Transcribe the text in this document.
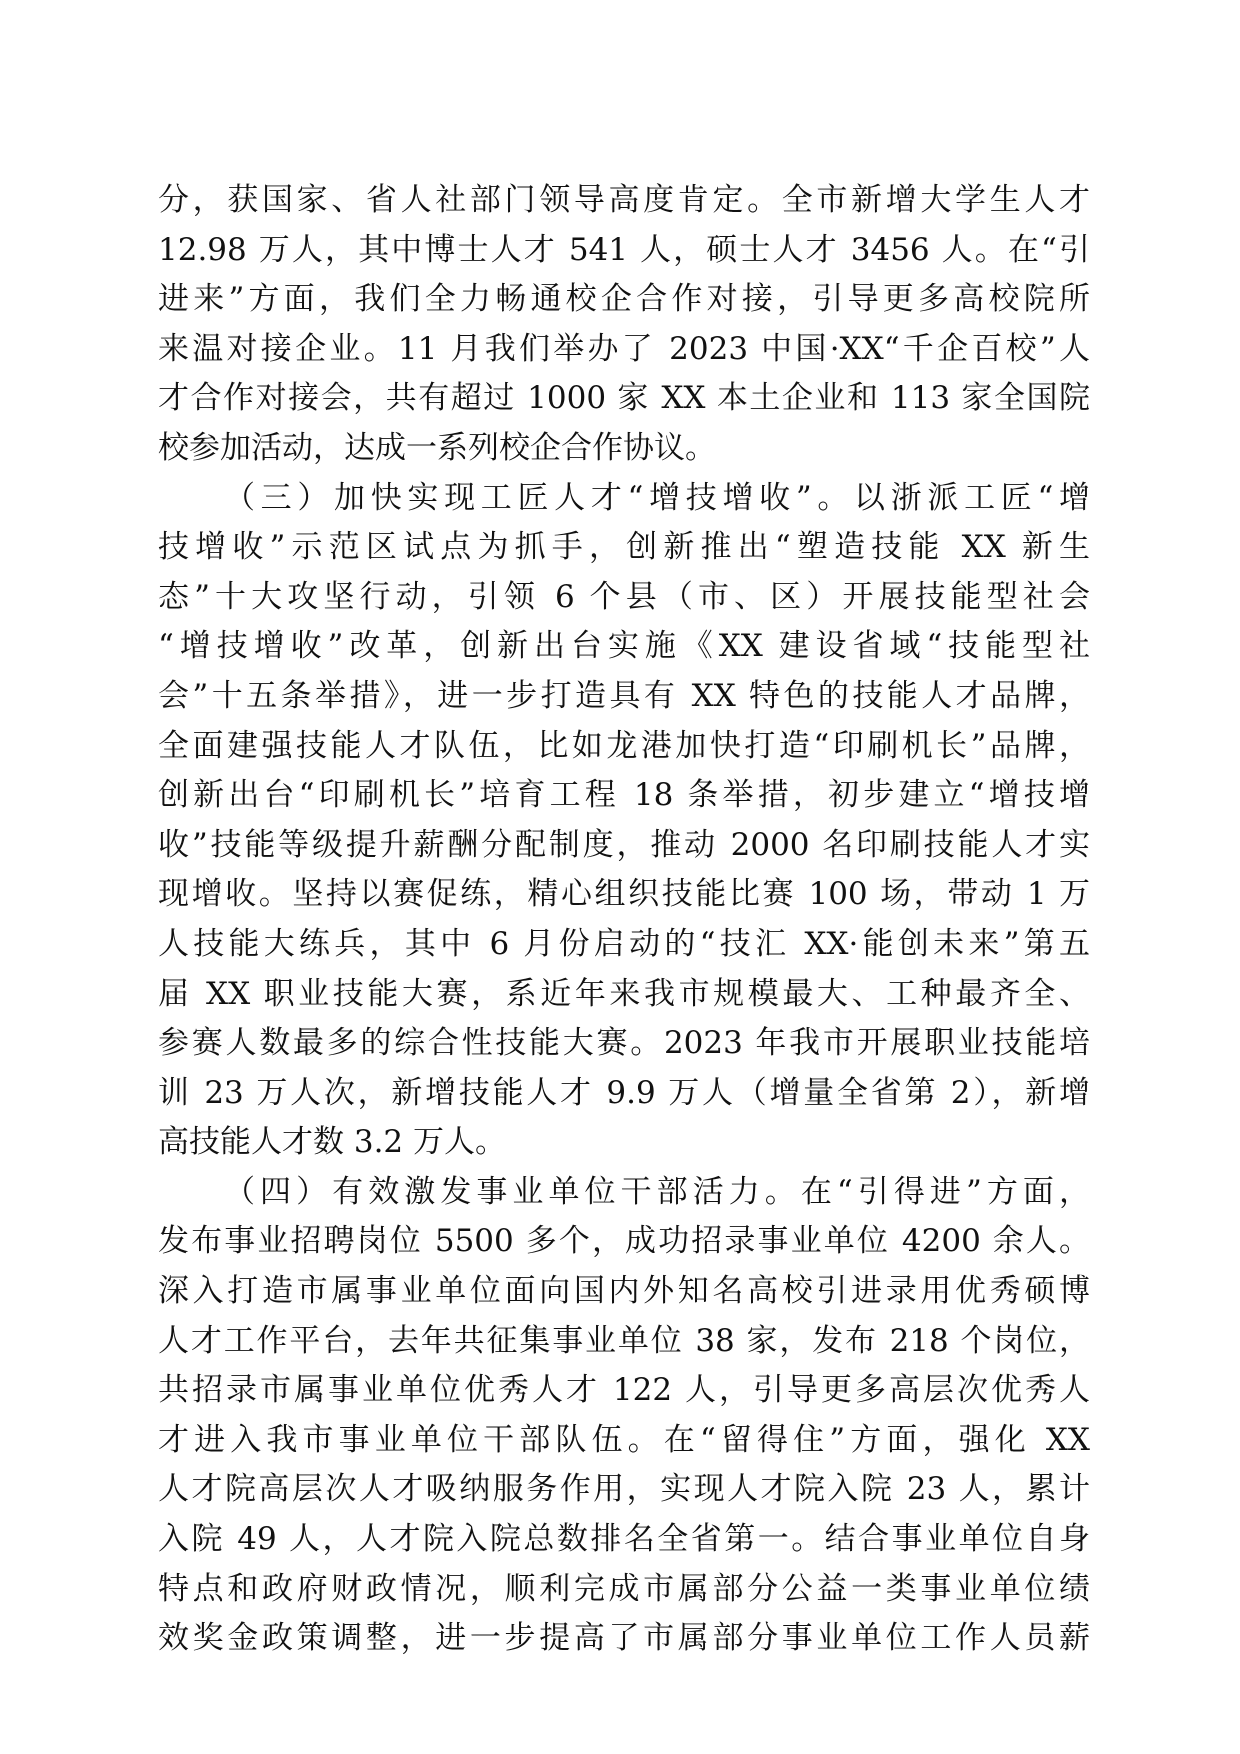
分，获国家、省人社部门领导高度肯定。全市新增大学生人才
12.98 万人，其中博士人才 541 人，硕士人才 3456 人。在“引
进来”方面，我们全力畅通校企合作对接，引导更多高校院所
来温对接企业。11 月我们举办了 2023 中国·XX“千企百校”人
才合作对接会，共有超过 1000 家 XX 本土企业和 113 家全国院
校参加活动，达成一系列校企合作协议。
（三）加快实现工匠人才“增技增收”。以浙派工匠“增
技增收”示范区试点为抓手，创新推出“塑造技能 XX 新生
态”十大攻坚行动，引领 6 个县（市、区）开展技能型社会
“增技增收”改革，创新出台实施《XX 建设省域“技能型社
会”十五条举措》，进一步打造具有 XX 特色的技能人才品牌，
全面建强技能人才队伍，比如龙港加快打造“印刷机长”品牌，
创新出台“印刷机长”培育工程 18 条举措，初步建立“增技增
收”技能等级提升薪酬分配制度，推动 2000 名印刷技能人才实
现增收。坚持以赛促练，精心组织技能比赛 100 场，带动 1 万
人技能大练兵，其中 6 月份启动的“技汇 XX·能创未来”第五
届 XX 职业技能大赛，系近年来我市规模最大、工种最齐全、
参赛人数最多的综合性技能大赛。2023 年我市开展职业技能培
训 23 万人次，新增技能人才 9.9 万人（增量全省第 2），新增
高技能人才数 3.2 万人。
（四）有效激发事业单位干部活力。在“引得进”方面，
发布事业招聘岗位 5500 多个，成功招录事业单位 4200 余人。
深入打造市属事业单位面向国内外知名高校引进录用优秀硕博
人才工作平台，去年共征集事业单位 38 家，发布 218 个岗位，
共招录市属事业单位优秀人才 122 人，引导更多高层次优秀人
才进入我市事业单位干部队伍。在“留得住”方面，强化 XX
人才院高层次人才吸纳服务作用，实现人才院入院 23 人，累计
入院 49 人，人才院入院总数排名全省第一。结合事业单位自身
特点和政府财政情况，顺利完成市属部分公益一类事业单位绩
效奖金政策调整，进一步提高了市属部分事业单位工作人员薪
